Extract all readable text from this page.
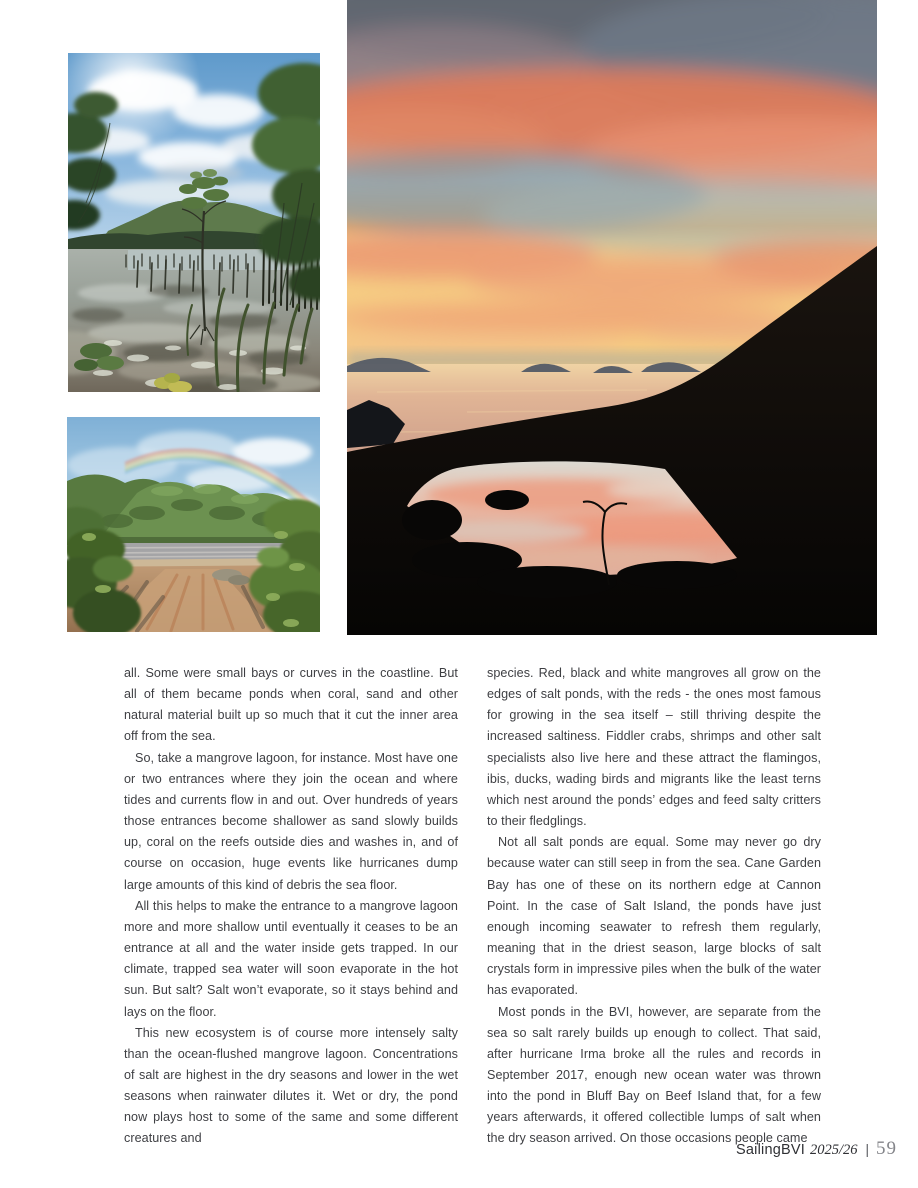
all. Some were small bays or curves in the coastline. But all of them became ponds when coral, sand and other natural material built up so much that it cut the inner area off from the sea.

So, take a mangrove lagoon, for instance. Most have one or two entrances where they join the ocean and where tides and currents flow in and out. Over hundreds of years those entrances become shallower as sand slowly builds up, coral on the reefs outside dies and washes in, and of course on occasion, huge events like hurricanes dump large amounts of this kind of debris the sea floor.

All this helps to make the entrance to a mangrove lagoon more and more shallow until eventually it ceases to be an entrance at all and the water inside gets trapped. In our climate, trapped sea water will soon evaporate in the hot sun. But salt? Salt won’t evaporate, so it stays behind and lays on the floor.

This new ecosystem is of course more intensely salty than the ocean-flushed mangrove lagoon. Concentrations of salt are highest in the dry seasons and lower in the wet seasons when rainwater dilutes it. Wet or dry, the pond now plays host to some of the same and some different creatures and

species. Red, black and white mangroves all grow on the edges of salt ponds, with the reds - the ones most famous for growing in the sea itself – still thriving despite the increased saltiness. Fiddler crabs, shrimps and other salt specialists also live here and these attract the flamingos, ibis, ducks, wading birds and migrants like the least terns which nest around the ponds’ edges and feed salty critters to their fledglings.

Not all salt ponds are equal. Some may never go dry because water can still seep in from the sea. Cane Garden Bay has one of these on its northern edge at Cannon Point. In the case of Salt Island, the ponds have just enough incoming seawater to refresh them regularly, meaning that in the driest season, large blocks of salt crystals form in impressive piles when the bulk of the water has evaporated.

Most ponds in the BVI, however, are separate from the sea so salt rarely builds up enough to collect. That said, after hurricane Irma broke all the rules and records in September 2017, enough new ocean water was thrown into the pond in Bluff Bay on Beef Island that, for a few years afterwards, it offered collectible lumps of salt when the dry season arrived. On those occasions people came

SailingBVI 2025/26 | 59
